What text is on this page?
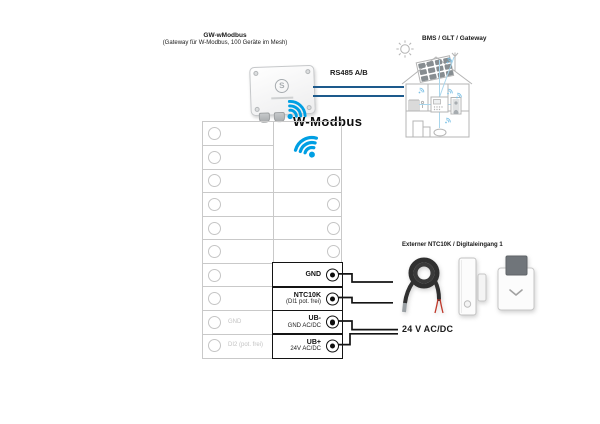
GW-wModbus
(Gateway für W-Modbus, 100 Geräte im Mesh)
S
RS485 A/B
BMS / GLT / Gateway
W-Modbus
GND
DI2 (pot. frei)
GND
NTC10K
(DI1 pot. frei)
UB-
GND AC/DC
UB+
24V AC/DC
Externer NTC10K / Digitaleingang 1
24 V AC/DC
